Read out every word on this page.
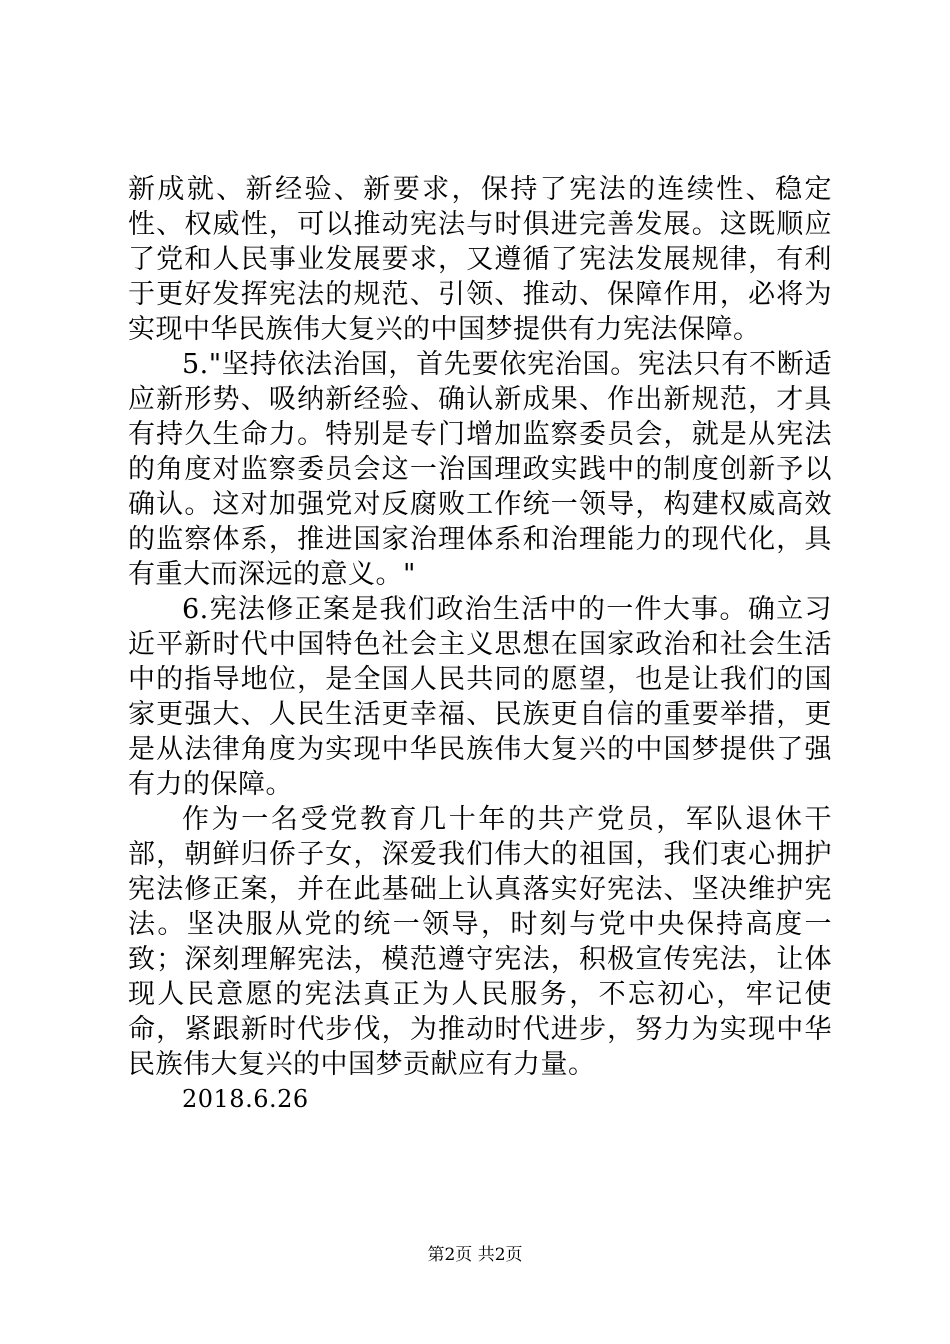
新成就、新经验、新要求，保持了宪法的连续性、稳定性、权威性，可以推动宪法与时俱进完善发展。这既顺应了党和人民事业发展要求，又遵循了宪法发展规律，有利于更好发挥宪法的规范、引领、推动、保障作用，必将为实现中华民族伟大复兴的中国梦提供有力宪法保障。

5."坚持依法治国，首先要依宪治国。宪法只有不断适应新形势、吸纳新经验、确认新成果、作出新规范，才具有持久生命力。特别是专门增加监察委员会，就是从宪法的角度对监察委员会这一治国理政实践中的制度创新予以确认。这对加强党对反腐败工作统一领导，构建权威高效的监察体系，推进国家治理体系和治理能力的现代化，具有重大而深远的意义。"

6.宪法修正案是我们政治生活中的一件大事。确立习近平新时代中国特色社会主义思想在国家政治和社会生活中的指导地位，是全国人民共同的愿望，也是让我们的国家更强大、人民生活更幸福、民族更自信的重要举措，更是从法律角度为实现中华民族伟大复兴的中国梦提供了强有力的保障。

作为一名受党教育几十年的共产党员，军队退休干部，朝鲜归侨子女，深爱我们伟大的祖国，我们衷心拥护宪法修正案，并在此基础上认真落实好宪法、坚决维护宪法。坚决服从党的统一领导，时刻与党中央保持高度一致；深刻理解宪法，模范遵守宪法，积极宣传宪法，让体现人民意愿的宪法真正为人民服务，不忘初心，牢记使命，紧跟新时代步伐，为推动时代进步，努力为实现中华民族伟大复兴的中国梦贡献应有力量。

2018.6.26

第2页 共2页
